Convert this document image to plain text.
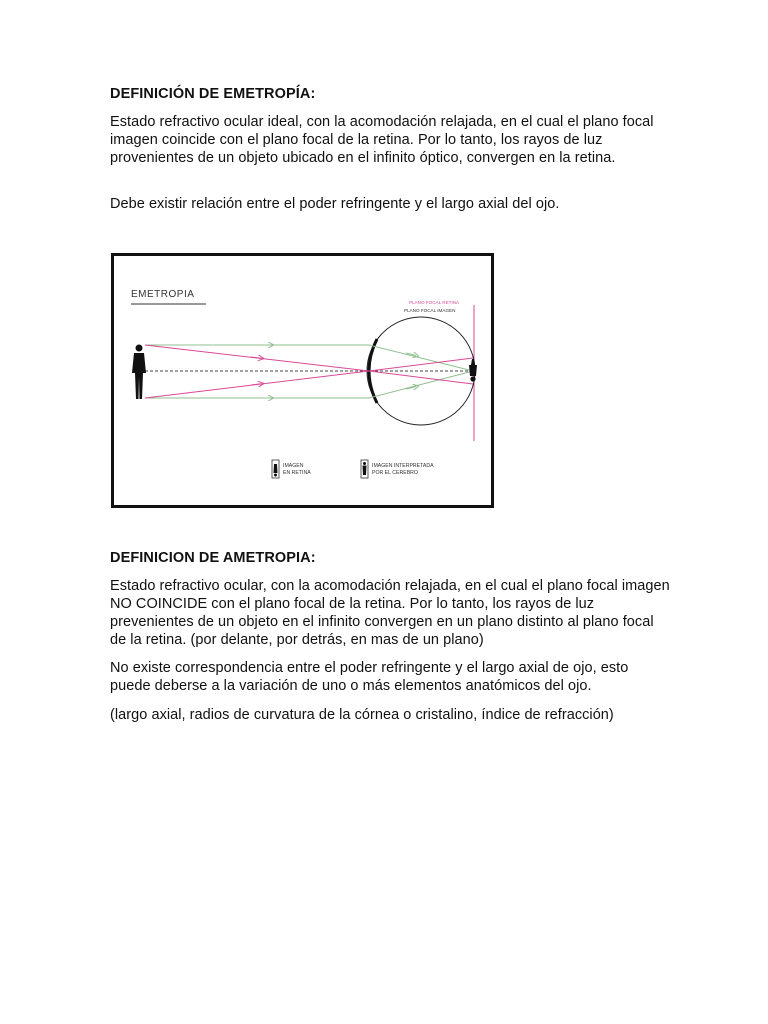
DEFINICIÓN DE EMETROPÍA:

Estado refractivo ocular ideal, con la acomodación relajada, en el cual el plano focal imagen coincide con el plano focal de la retina. Por lo tanto, los rayos de luz provenientes de un objeto ubicado en el infinito óptico, convergen en la retina.

Debe existir relación entre el poder refringente y el largo axial del ojo.

EMETROPIA
PLANO FOCAL RETINA
PLANO FOCAL IMAGEN
IMAGEN
EN RETINA
IMAGEN INTERPRETADA
POR EL CEREBRO

DEFINICION DE AMETROPIA:

Estado refractivo ocular, con la acomodación relajada, en el cual el plano focal imagen NO COINCIDE con el plano focal de la retina. Por lo tanto, los rayos de luz prevenientes de un objeto en el infinito convergen en un plano distinto al plano focal de la retina. (por delante, por detrás, en mas de un plano)

No existe correspondencia entre el poder refringente y el largo axial de ojo, esto puede deberse a la variación de uno o más elementos anatómicos del ojo.

(largo axial, radios de curvatura de la córnea o cristalino, índice de refracción)
